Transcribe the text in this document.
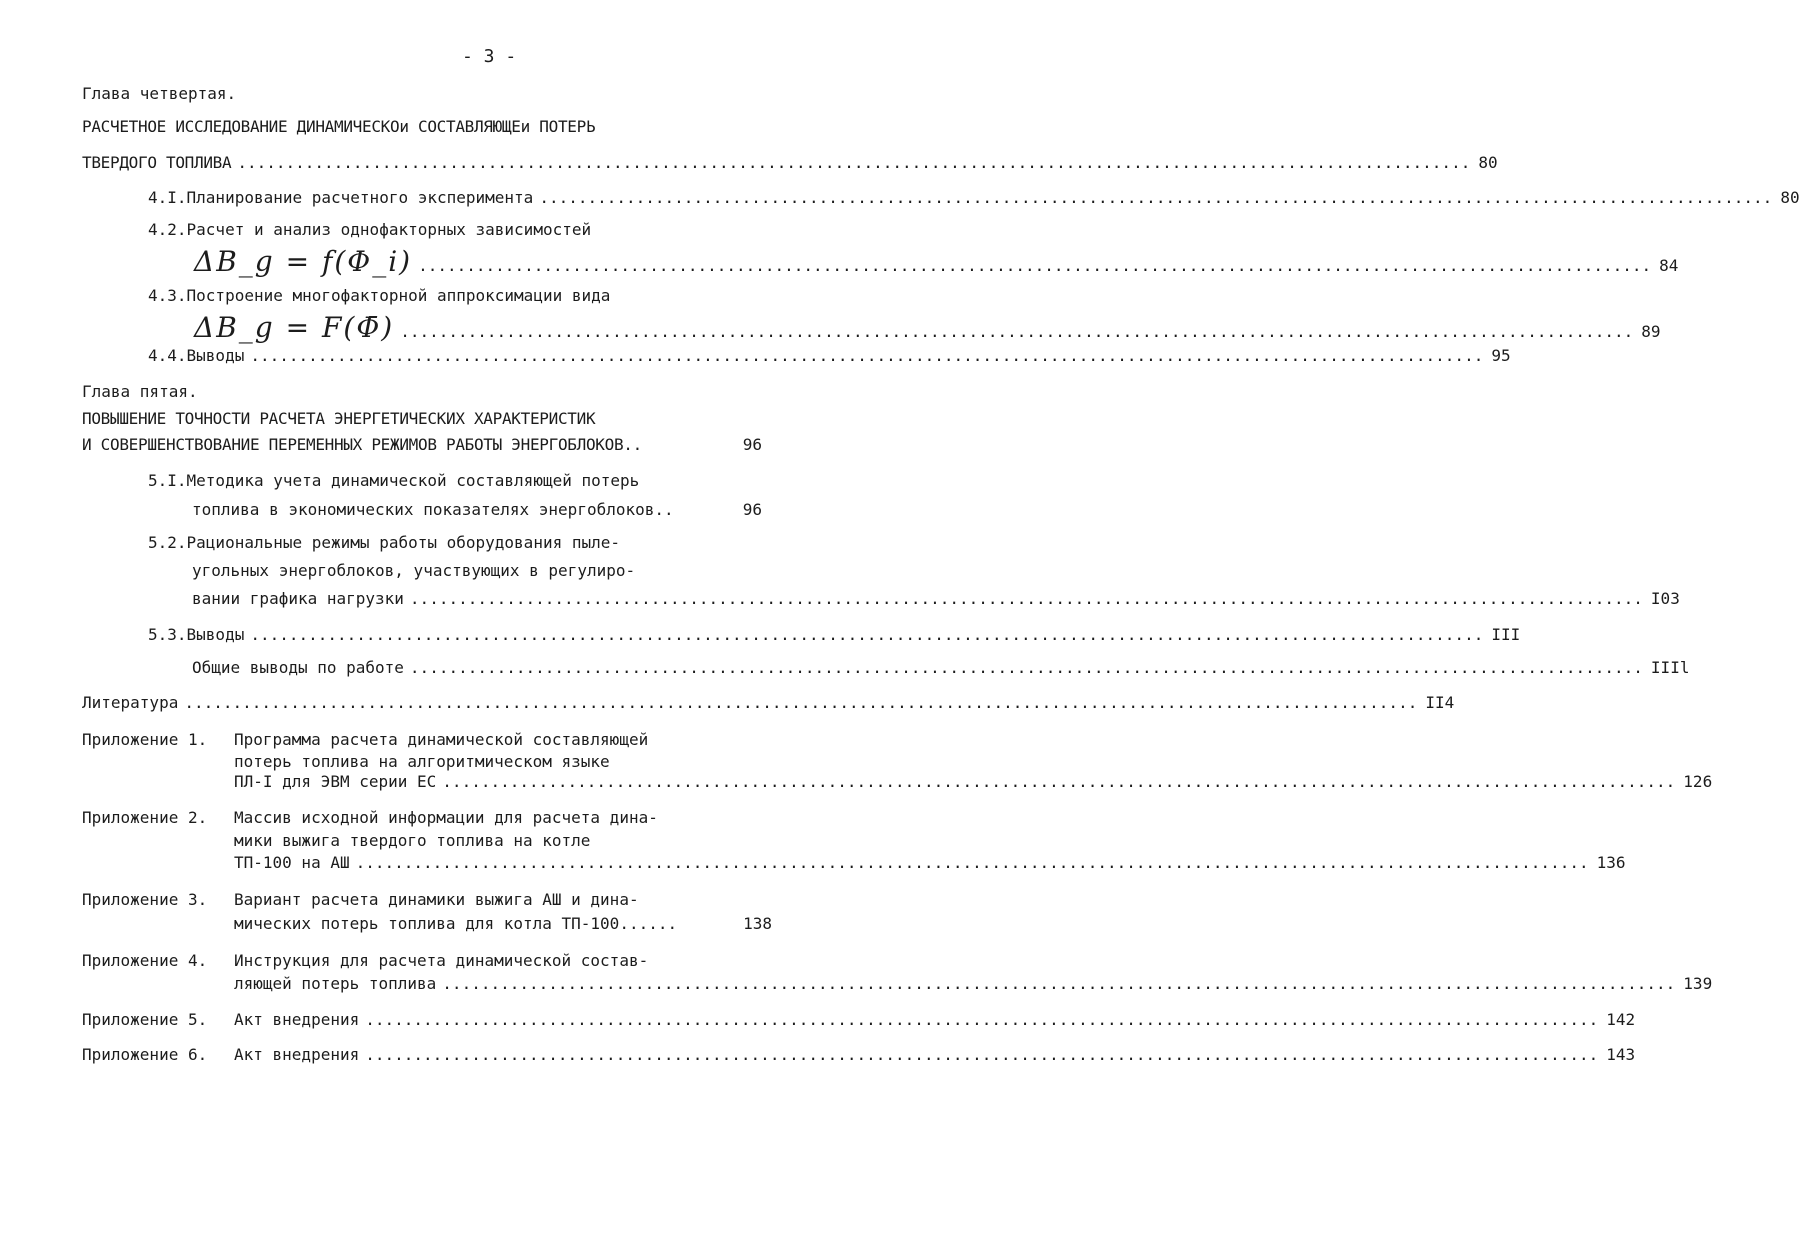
- 3 -
Глава четвертая.
РАСЧЕТНОЕ ИССЛЕДОВАНИЕ ДИНАМИЧЕСКОи СОСТАВЛЯЮЩЕи ПОТЕРЬ
ТВЕРДОГО ТОПЛИВА ................................................................................................................................ 80
4.I.Планирование расчетного эксперимента ................................................................................................................................ 80
4.2.Расчет и анализ однофакторных зависимостей
ΔB_g = f(Φ_i) ................................................................................................................................ 84
4.3.Построение многофакторной аппроксимации вида
ΔB_g = F(Φ̄) ................................................................................................................................ 89
4.4.Выводы ................................................................................................................................ 95
Глава пятая.
ПОВЫШЕНИЕ ТОЧНОСТИ РАСЧЕТА ЭНЕРГЕТИЧЕСКИХ ХАРАКТЕРИСТИК
И СОВЕРШЕНСТВОВАНИЕ ПЕРЕМЕННЫХ РЕЖИМОВ РАБОТЫ ЭНЕРГОБЛОКОВ..	96
5.I.Методика учета динамической составляющей потерь
топлива в экономических показателях энергоблоков..	96
5.2.Рациональные режимы работы оборудования пыле-
угольных энергоблоков, участвующих в регулиро-
вании графика нагрузки ................................................................................................................................ I03
5.3.Выводы ................................................................................................................................ III
Общие выводы по работе ................................................................................................................................ IIIl
Литература ................................................................................................................................ II4
Приложение 1. Программа расчета динамической составляющей
потерь топлива на алгоритмическом языке
ПЛ-I для ЭВМ серии ЕС ................................................................................................................................ 126
Приложение 2. Массив исходной информации для расчета дина-
мики выжига твердого топлива на котле
ТП-100 на АШ ................................................................................................................................ 136
Приложение 3. Вариант расчета динамики выжига АШ и дина-
мических потерь топлива для котла ТП-100......	138
Приложение 4. Инструкция для расчета динамической состав-
ляющей потерь топлива ................................................................................................................................ 139
Приложение 5.	Акт внедрения ................................................................................................................................ 142
Приложение 6.	Акт внедрения ................................................................................................................................ 143
